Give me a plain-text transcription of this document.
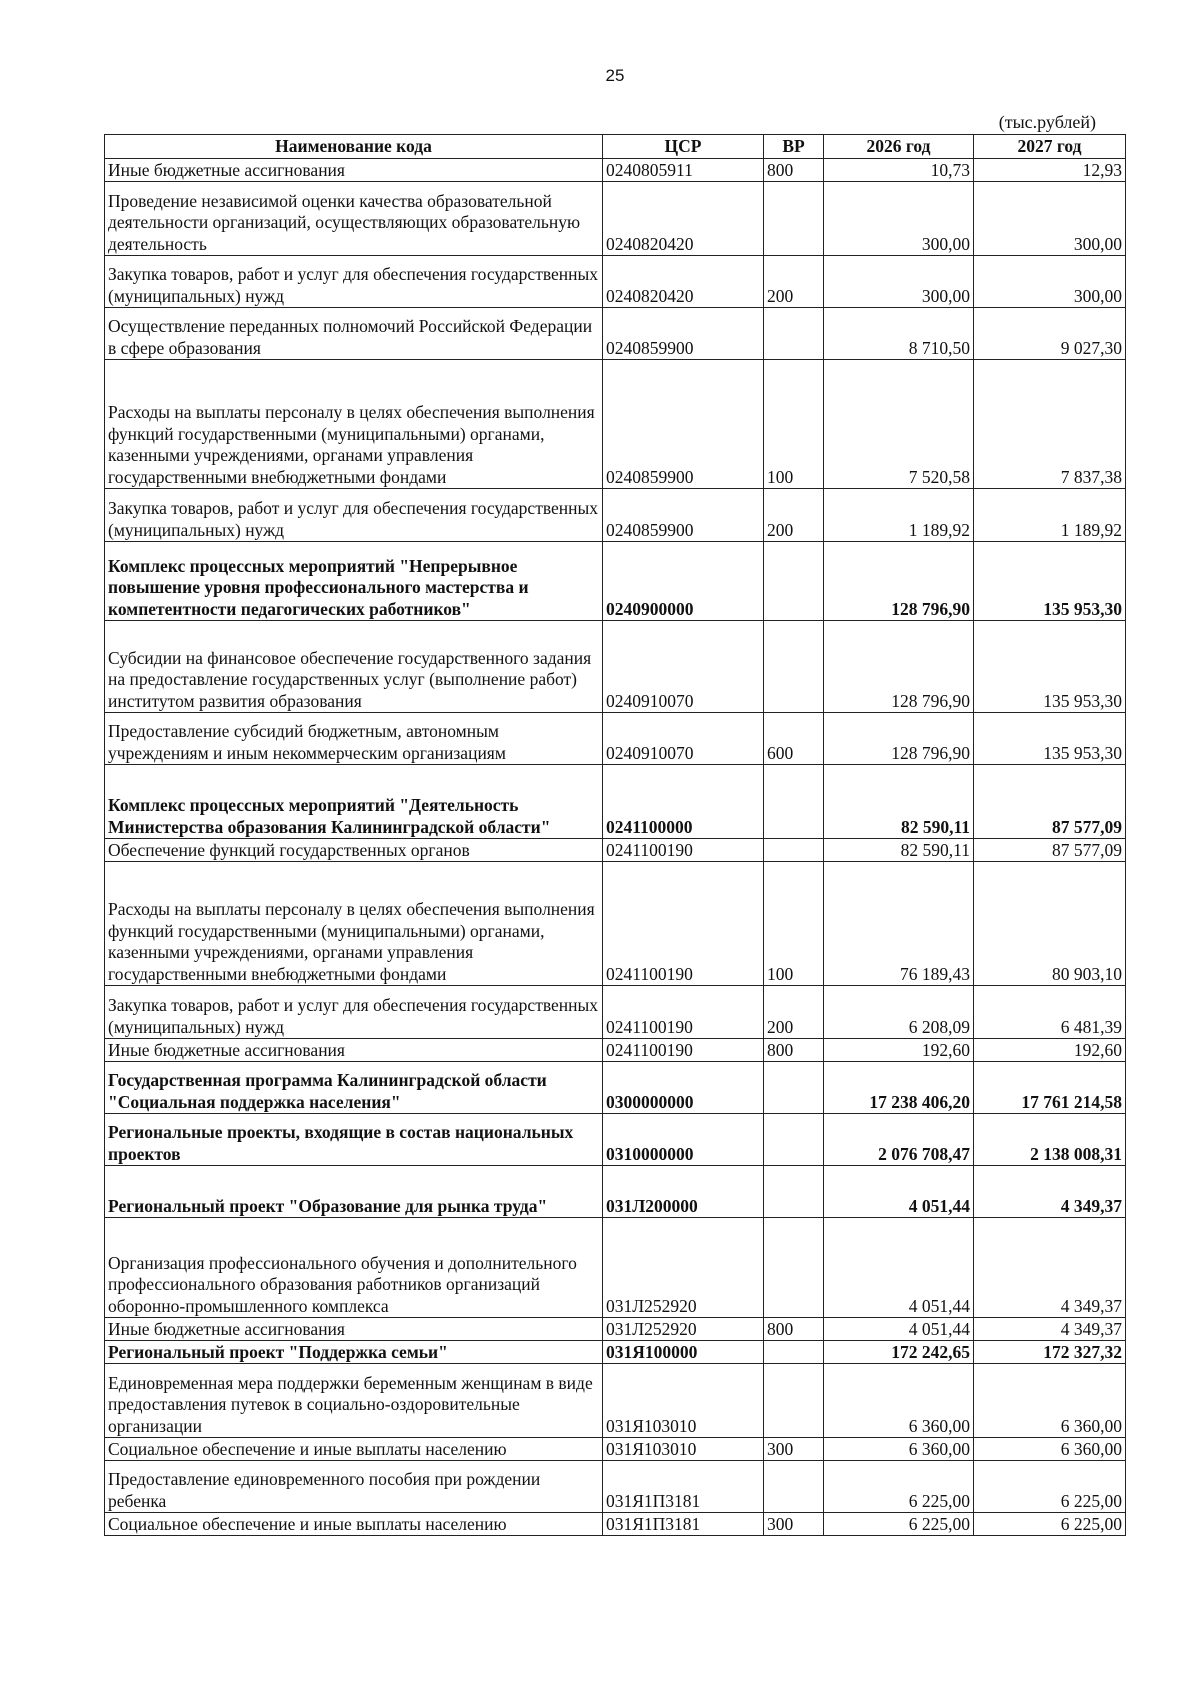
25
(тыс.рублей)
Наименование кода	ЦСР	ВР	2026 год	2027 год
Иные бюджетные ассигнования	0240805911	800	10,73	12,93
Проведение независимой оценки качества образовательной деятельности организаций, осуществляющих образовательную деятельность	0240820420		300,00	300,00
Закупка товаров, работ и услуг для обеспечения государственных (муниципальных) нужд	0240820420	200	300,00	300,00
Осуществление переданных полномочий Российской Федерации в сфере образования	0240859900		8 710,50	9 027,30
Расходы на выплаты персоналу в целях обеспечения выполнения функций государственными (муниципальными) органами, казенными учреждениями, органами управления государственными внебюджетными фондами	0240859900	100	7 520,58	7 837,38
Закупка товаров, работ и услуг для обеспечения государственных (муниципальных) нужд	0240859900	200	1 189,92	1 189,92
Комплекс процессных мероприятий "Непрерывное повышение уровня профессионального мастерства и компетентности педагогических работников"	0240900000		128 796,90	135 953,30
Субсидии на финансовое обеспечение государственного задания на предоставление государственных услуг (выполнение работ) институтом развития образования	0240910070		128 796,90	135 953,30
Предоставление субсидий бюджетным, автономным учреждениям и иным некоммерческим организациям	0240910070	600	128 796,90	135 953,30
Комплекс процессных мероприятий "Деятельность Министерства образования Калининградской области"	0241100000		82 590,11	87 577,09
Обеспечение функций государственных органов	0241100190		82 590,11	87 577,09
Расходы на выплаты персоналу в целях обеспечения выполнения функций государственными (муниципальными) органами, казенными учреждениями, органами управления государственными внебюджетными фондами	0241100190	100	76 189,43	80 903,10
Закупка товаров, работ и услуг для обеспечения государственных (муниципальных) нужд	0241100190	200	6 208,09	6 481,39
Иные бюджетные ассигнования	0241100190	800	192,60	192,60
Государственная программа Калининградской области "Социальная поддержка населения"	0300000000		17 238 406,20	17 761 214,58
Региональные проекты, входящие в состав национальных проектов	0310000000		2 076 708,47	2 138 008,31
Региональный проект "Образование для рынка труда"	031Л200000		4 051,44	4 349,37
Организация профессионального обучения и дополнительного профессионального образования работников организаций оборонно-промышленного комплекса	031Л252920		4 051,44	4 349,37
Иные бюджетные ассигнования	031Л252920	800	4 051,44	4 349,37
Региональный проект "Поддержка семьи"	031Я100000		172 242,65	172 327,32
Единовременная мера поддержки беременным женщинам в виде предоставления путевок в социально-оздоровительные организации	031Я103010		6 360,00	6 360,00
Социальное обеспечение и иные выплаты населению	031Я103010	300	6 360,00	6 360,00
Предоставление единовременного пособия при рождении ребенка	031Я1П3181		6 225,00	6 225,00
Социальное обеспечение и иные выплаты населению	031Я1П3181	300	6 225,00	6 225,00
